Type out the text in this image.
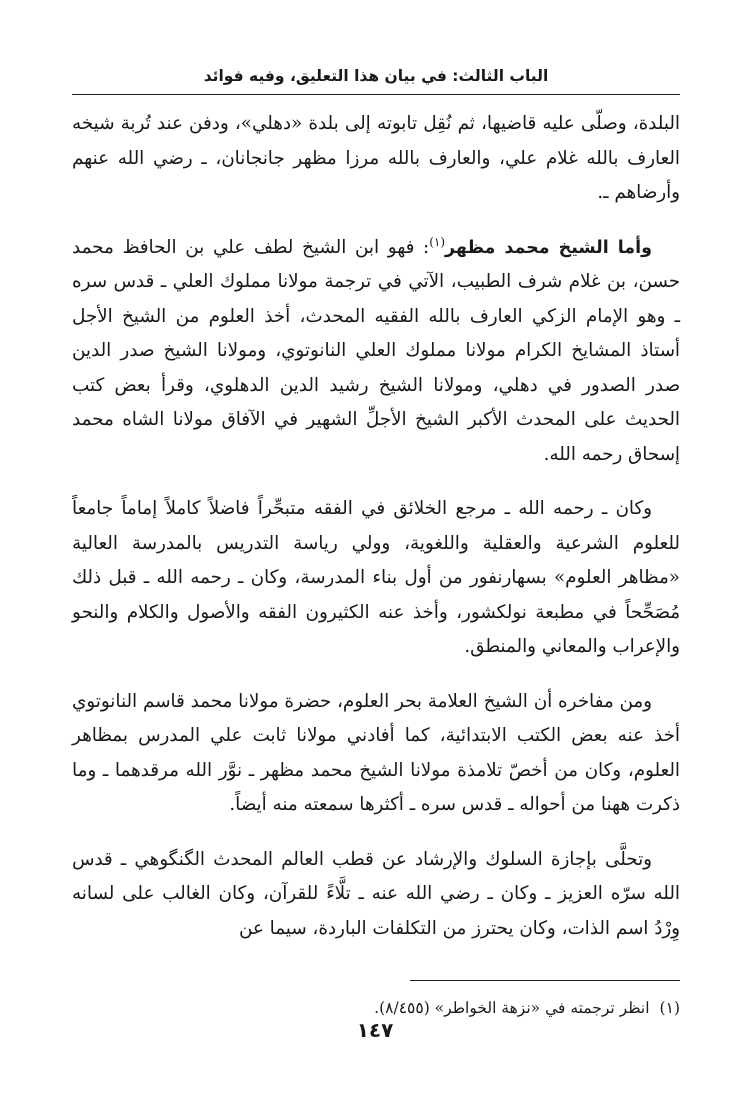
الباب الثالث: في بيان هذا التعليق، وفيه فوائد

البلدة، وصلّى عليه قاضيها، ثم نُقِل تابوته إلى بلدة «دهلي»، ودفن عند تُربة شيخه العارف بالله غلام علي، والعارف بالله مرزا مظهر جانجانان، ـ رضي الله عنهم وأرضاهم ـ.

وأما الشيخ محمد مظهر$^{(١)}$: فهو ابن الشيخ لطف علي بن الحافظ محمد حسن، بن غلام شرف الطبيب، الآتي في ترجمة مولانا مملوك العلي ـ قدس سره ـ وهو الإمام الزكي العارف بالله الفقيه المحدث، أخذ العلوم من الشيخ الأجل أستاذ المشايخ الكرام مولانا مملوك العلي النانوتوي، ومولانا الشيخ صدر الدين صدر الصدور في دهلي، ومولانا الشيخ رشيد الدين الدهلوي، وقرأ بعض كتب الحديث على المحدث الأكبر الشيخ الأجلِّ الشهير في الآفاق مولانا الشاه محمد إسحاق رحمه الله.

وكان ـ رحمه الله ـ مرجع الخلائق في الفقه متبحِّراً فاضلاً كاملاً إماماً جامعاً للعلوم الشرعية والعقلية واللغوية، وولي رياسة التدريس بالمدرسة العالية «مظاهر العلوم» بسهارنفور من أول بناء المدرسة، وكان ـ رحمه الله ـ قبل ذلك مُصَحِّحاً في مطبعة نولكشور، وأخذ عنه الكثيرون الفقه والأصول والكلام والنحو والإعراب والمعاني والمنطق.

ومن مفاخره أن الشيخ العلامة بحر العلوم، حضرة مولانا محمد قاسم النانوتوي أخذ عنه بعض الكتب الابتدائية، كما أفادني مولانا ثابت علي المدرس بمظاهر العلوم، وكان من أخصّ تلامذة مولانا الشيخ محمد مظهر ـ نوَّر الله مرقدهما ـ وما ذكرت ههنا من أحواله ـ قدس سره ـ أكثرها سمعته منه أيضاً.

وتحلَّى بإجازة السلوك والإرشاد عن قطب العالم المحدث الگنگوهي ـ قدس الله سرّه العزيز ـ وكان ـ رضي الله عنه ـ تلَّاءً للقرآن، وكان الغالب على لسانه وِرْدُ اسم الذات، وكان يحترز من التكلفات الباردة، سيما عن

(١)انظر ترجمته في «نزهة الخواطر» (٨/٤٥٥).
١٤٧
